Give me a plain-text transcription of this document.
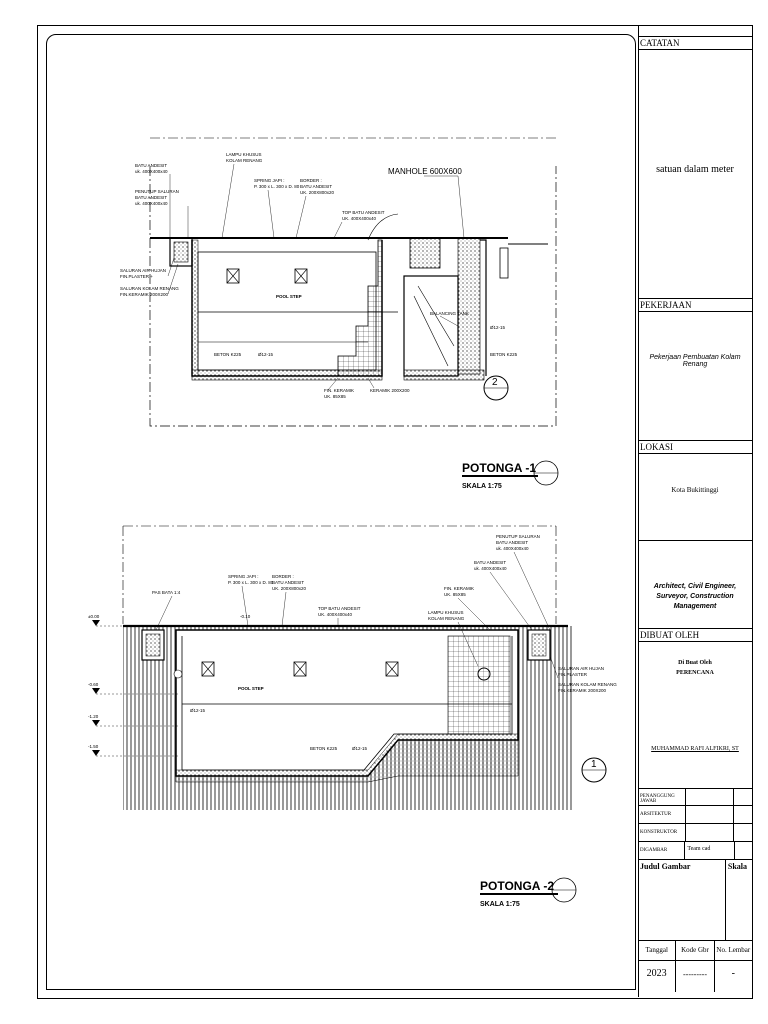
2
POTONGA -1
SKALA 1:75
BATU ANDESIT
uk. 400X400x40
PENUTUP SALURAN
BATU ANDESIT
uk. 400X400x40
SALURAN AIR HUJAN
FIN.PLASTER +
SALURAN KOLAM RENANG
FIN.KERAMIK 200X200
LAMPU KHUSUS
KOLAM RENANG
SPRING JAPI :
P. 300 x L. 300 x D. 80
BORDER :
BATU ANDESIT
UK. 200X800x20
TOP BATU ANDESIT
UK. 400X400x40
MANHOLE 600X600
POOL STEP
BALANCING TANK
Ø12-15
BETON K225
BETON K225	Ø12-15
FIN. KERAMIK
UK. 85X85
KERAMIK 200X200
±0.00	-0.10
-0.60
-1.20
-1.50
1
POTONGA -2
SKALA 1:75
PAS BATA 1:4
SPRING JAPI :
P. 300 x L. 300 x D. 80
BORDER :
BATU ANDESIT
UK. 200X800x20
TOP BATU ANDESIT
UK. 400X400x40
PENUTUP SALURAN
BATU ANDESIT
uk. 400X400x40
BATU ANDESIT
uk. 400X400x40
FIN. KERAMIK
UK. 85X85
LAMPU KHUSUS
KOLAM RENANG
POOL STEP
Ø12-15
BETON K225	Ø12-15
SALURAN AIR HUJAN
FIN.PLASTER
SALURAN KOLAM RENANG
FIN.KERAMIK 200X200
CATATAN
satuan dalam meter
PEKERJAAN
Pekerjaan Pembuatan Kolam Renang
LOKASI
Kota Bukittinggi
Architect, Civil Engineer, Surveyor, Construction Management
DIBUAT OLEH
Di Buat Oleh
PERENCANA
MUHAMMAD RAFI ALFIKRI, ST
PENANGGUNG JAWAB
ARSITEKTUR
KONSTRUKTOR
DIGAMBAR	Team cad
Judul Gambar	Skala
Tanggal	Kode Gbr	No. Lembar
2023	---------	-
